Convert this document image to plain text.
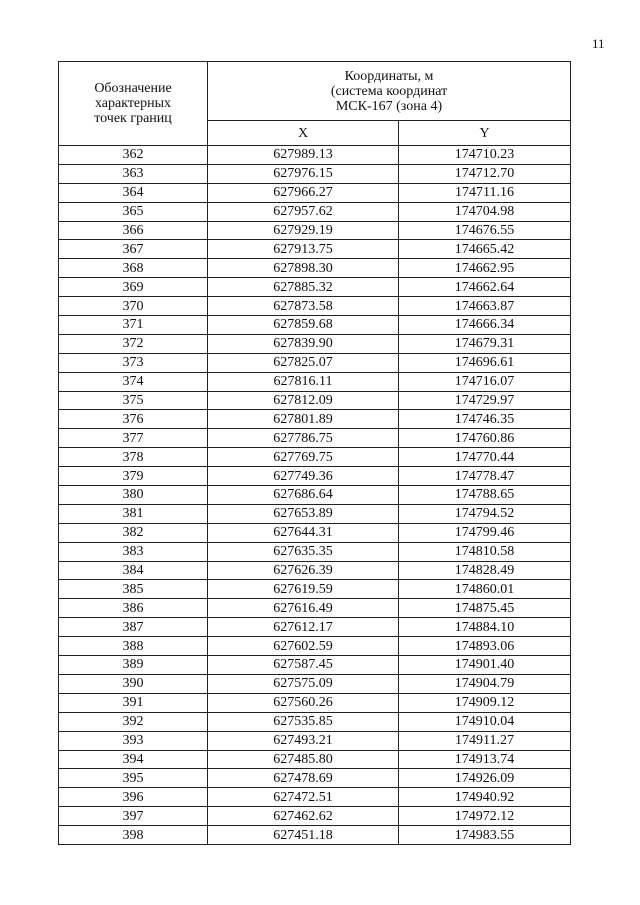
11
Обозначение
характерных
точек границ	Координаты, м
(система координат
МСК-167 (зона 4)	

	X	Y
362	627989.13	174710.23
363	627976.15	174712.70
364	627966.27	174711.16
365	627957.62	174704.98
366	627929.19	174676.55
367	627913.75	174665.42
368	627898.30	174662.95
369	627885.32	174662.64
370	627873.58	174663.87
371	627859.68	174666.34
372	627839.90	174679.31
373	627825.07	174696.61
374	627816.11	174716.07
375	627812.09	174729.97
376	627801.89	174746.35
377	627786.75	174760.86
378	627769.75	174770.44
379	627749.36	174778.47
380	627686.64	174788.65
381	627653.89	174794.52
382	627644.31	174799.46
383	627635.35	174810.58
384	627626.39	174828.49
385	627619.59	174860.01
386	627616.49	174875.45
387	627612.17	174884.10
388	627602.59	174893.06
389	627587.45	174901.40
390	627575.09	174904.79
391	627560.26	174909.12
392	627535.85	174910.04
393	627493.21	174911.27
394	627485.80	174913.74
395	627478.69	174926.09
396	627472.51	174940.92
397	627462.62	174972.12
398	627451.18	174983.55
